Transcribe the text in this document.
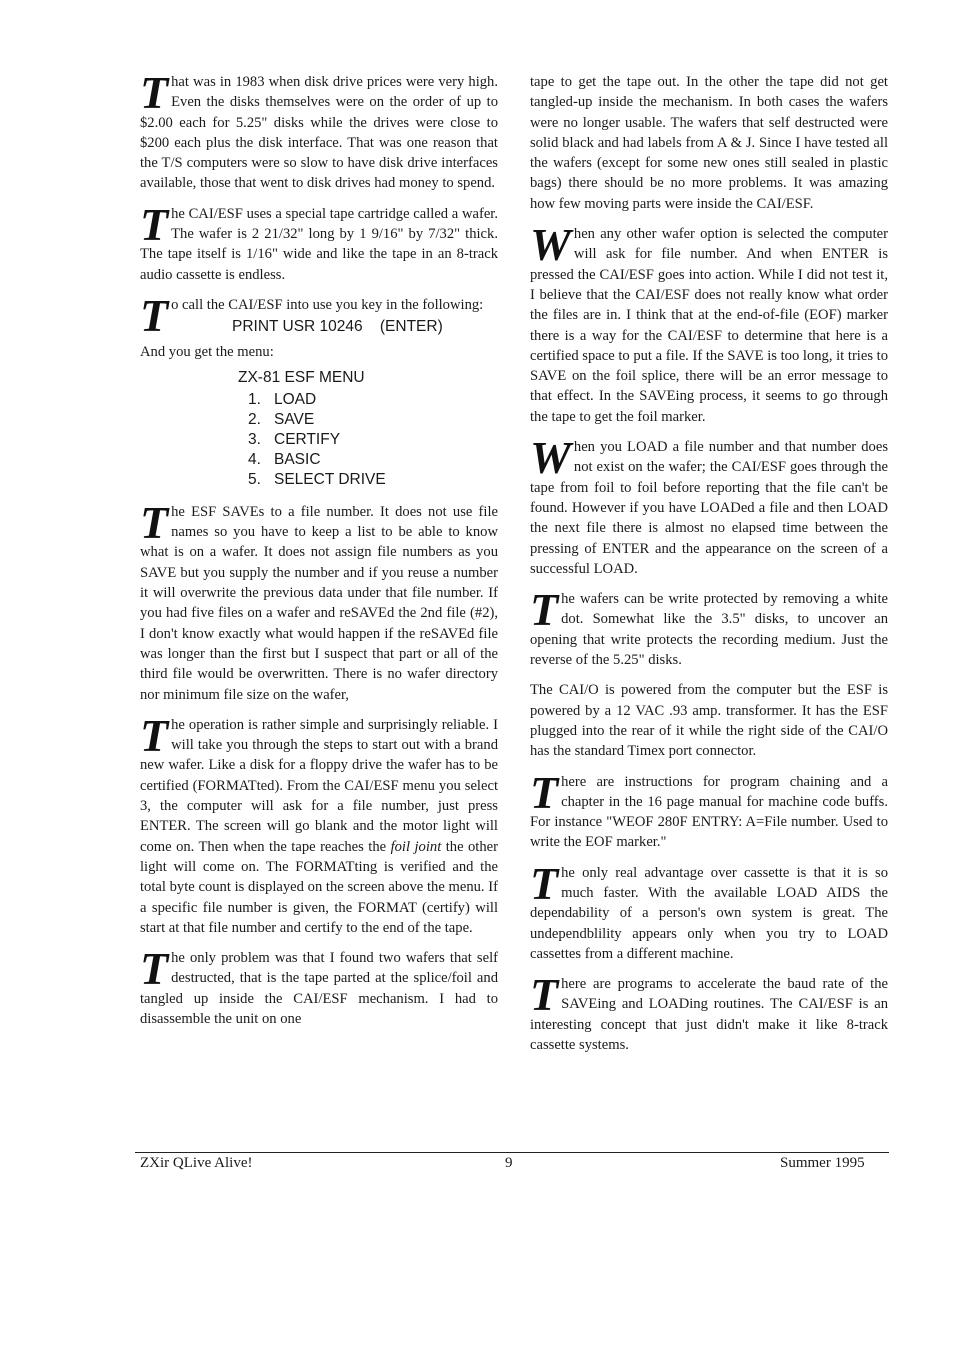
That was in 1983 when disk drive prices were very high. Even the disks themselves were on the order of up to $2.00 each for 5.25" disks while the drives were close to $200 each plus the disk interface. That was one reason that the T/S computers were so slow to have disk drive interfaces available, those that went to disk drives had money to spend.

The CAI/ESF uses a special tape cartridge called a wafer. The wafer is 2 21/32" long by 1 9/16" by 7/32" thick. The tape itself is 1/16" wide and like the tape in an 8-track audio cassette is endless.

To call the CAI/ESF into use you key in the following:

PRINT USR 10246    (ENTER)
And you get the menu:
ZX-81 ESF MENU
1. LOAD
2. SAVE
3. CERTIFY
4. BASIC
5. SELECT DRIVE

The ESF SAVEs to a file number. It does not use file names so you have to keep a list to be able to know what is on a wafer. It does not assign file numbers as you SAVE but you supply the number and if you reuse a number it will overwrite the previous data under that file number. If you had five files on a wafer and reSAVEd the 2nd file (#2), I don't know exactly what would happen if the reSAVEd file was longer than the first but I suspect that part or all of the third file would be overwritten. There is no wafer directory nor minimum file size on the wafer,

The operation is rather simple and surprisingly reliable. I will take you through the steps to start out with a brand new wafer. Like a disk for a floppy drive the wafer has to be certified (FORMATted). From the CAI/ESF menu you select 3, the computer will ask for a file number, just press ENTER. The screen will go blank and the motor light will come on. Then when the tape reaches the foil joint the other light will come on. The FORMATting is verified and the total byte count is displayed on the screen above the menu. If a specific file number is given, the FORMAT (certify) will start at that file number and certify to the end of the tape.

The only problem was that I found two wafers that self destructed, that is the tape parted at the splice/foil and tangled up inside the CAI/ESF mechanism. I had to disassemble the unit on one

tape to get the tape out. In the other the tape did not get tangled-up inside the mechanism. In both cases the wafers were no longer usable. The wafers that self destructed were solid black and had labels from A & J. Since I have tested all the wafers (except for some new ones still sealed in plastic bags) there should be no more problems. It was amazing how few moving parts were inside the CAI/ESF.

When any other wafer option is selected the computer will ask for file number. And when ENTER is pressed the CAI/ESF goes into action. While I did not test it, I believe that the CAI/ESF does not really know what order the files are in. I think that at the end-of-file (EOF) marker there is a way for the CAI/ESF to determine that here is a certified space to put a file. If the SAVE is too long, it tries to SAVE on the foil splice, there will be an error message to that effect. In the SAVEing process, it seems to go through the tape to get the foil marker.

When you LOAD a file number and that number does not exist on the wafer; the CAI/ESF goes through the tape from foil to foil before reporting that the file can't be found. However if you have LOADed a file and then LOAD the next file there is almost no elapsed time between the pressing of ENTER and the appearance on the screen of a successful LOAD.

The wafers can be write protected by removing a white dot. Somewhat like the 3.5" disks, to uncover an opening that write protects the recording medium. Just the reverse of the 5.25" disks.

The CAI/O is powered from the computer but the ESF is powered by a 12 VAC .93 amp. transformer. It has the ESF plugged into the rear of it while the right side of the CAI/O has the standard Timex port connector.

There are instructions for program chaining and a chapter in the 16 page manual for machine code buffs. For instance "WEOF 280F ENTRY: A=File number. Used to write the EOF marker."

The only real advantage over cassette is that it is so much faster. With the available LOAD AIDS the dependability of a person's own system is great. The undependblility appears only when you try to LOAD cassettes from a different machine.

There are programs to accelerate the baud rate of the SAVEing and LOADing routines. The CAI/ESF is an interesting concept that just didn't make it like 8-track cassette systems.

ZXir QLive Alive!	9	Summer 1995
